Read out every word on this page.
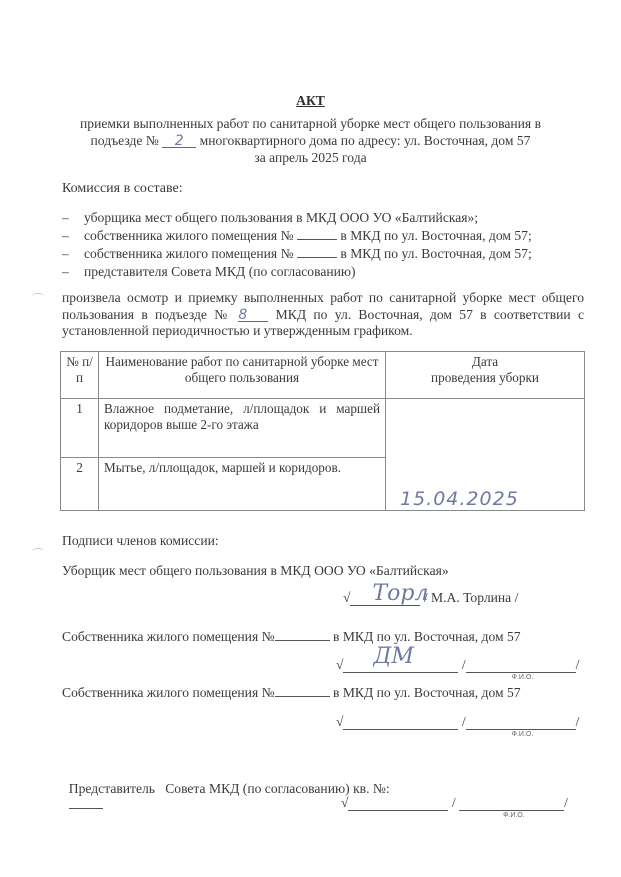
АКТ
приемки выполненных работ по санитарной уборке мест общего пользования в
подъезде № 2 многоквартирного дома по адресу: ул. Восточная, дом 57
за апрель 2025 года
Комиссия в составе:
– уборщика мест общего пользования в МКД ООО УО «Балтийская»;
– собственника жилого помещения №	в МКД по ул. Восточная, дом 57;
– собственника жилого помещения №	в МКД по ул. Восточная, дом 57;
– представителя Совета МКД (по согласованию)
произвела осмотр и приемку выполненных работ по санитарной уборке мест общего
пользования в подъезде № 8 МКД по ул. Восточная, дом 57 в соответствии с
установленной периодичностью и утвержденным графиком.
№ п/п	Наименование работ по санитарной уборке мест общего пользования	Дата
проведения уборки

1	Влажное подметание, л/площадок и маршей коридоров выше 2-го этажа	15.04.2025

2	Мытье, л/площадок, маршей и коридоров.	
Подписи членов комиссии:
Уборщик мест общего пользования в МКД ООО УО «Балтийская»
√ Торл
/ М.А. Торлина /
Собственника жилого помещения №	в МКД по ул. Восточная, дом 57
√ ДМ	/
Ф.И.О.
/
Собственника жилого помещения №	в МКД по ул. Восточная, дом 57
√	/
Ф.И.О.
/

Представитель   Совета МКД (по согласованию) кв. №:

√	/
Ф.И.О.
/
